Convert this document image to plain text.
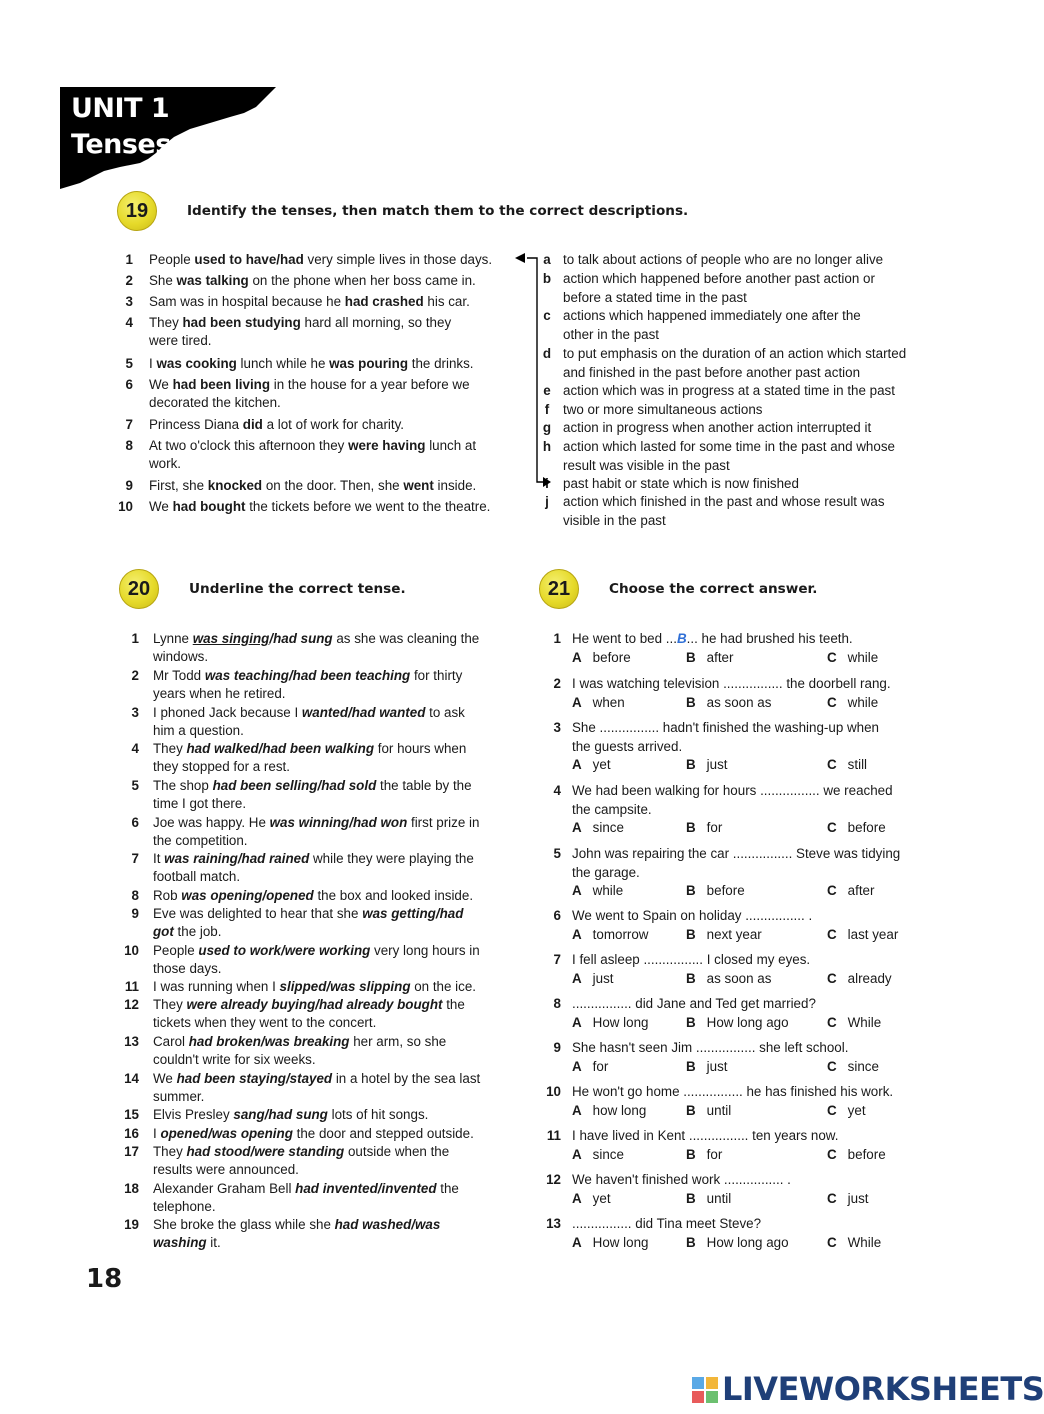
UNIT 1
Tenses
19	Identify the tenses, then match them to the correct descriptions.
1 People used to have/had very simple lives in those days.
2 She was talking on the phone when her boss came in.
3 Sam was in hospital because he had crashed his car.
4 They had been studying hard all morning, so they
were tired.
5 I was cooking lunch while he was pouring the drinks.
6 We had been living in the house for a year before we
decorated the kitchen.
7 Princess Diana did a lot of work for charity.
8 At two o'clock this afternoon they were having lunch at
work.
9 First, she knocked on the door. Then, she went inside.
10 We had bought the tickets before we went to the theatre.
a to talk about actions of people who are no longer alive
b action which happened before another past action or
before a stated time in the past
c actions which happened immediately one after the
other in the past
d to put emphasis on the duration of an action which started
and finished in the past before another past action
e action which was in progress at a stated time in the past
f	two or more simultaneous actions
g action in progress when another action interrupted it
h action which lasted for some time in the past and whose
result was visible in the past
past habit or state which is now finished
j	action which finished in the past and whose result was
visible in the past
20	Underline the correct tense.
1 Lynne was singing/had sung as she was cleaning the
windows.
2 Mr Todd was teaching/had been teaching for thirty
years when he retired.
3 I phoned Jack because I wanted/had wanted to ask
him a question.
4 They had walked/had been walking for hours when
they stopped for a rest.
5 The shop had been selling/had sold the table by the
time I got there.
6 Joe was happy. He was winning/had won first prize in
the competition.
7 It was raining/had rained while they were playing the
football match.
8 Rob was opening/opened the box and looked inside.
9 Eve was delighted to hear that she was getting/had
got the job.
10 People used to work/were working very long hours in
those days.
11 I was running when I slipped/was slipping on the ice.
12 They were already buying/had already bought the
tickets when they went to the concert.
13 Carol had broken/was breaking her arm, so she
couldn't write for six weeks.
14 We had been staying/stayed in a hotel by the sea last
summer.
15 Elvis Presley sang/had sung lots of hit songs.
16 I opened/was opening the door and stepped outside.
17 They had stood/were standing outside when the
results were announced.
18 Alexander Graham Bell had invented/invented the
telephone.
19 She broke the glass while she had washed/was
washing it.
21	Choose the correct answer.
1 He went to bed ...B... he had brushed his teeth.
A before	B after	C while
2 I was watching television ................ the doorbell rang.
A when	B as soon as	C while
3 She ................ hadn't finished the washing-up when
the guests arrived.
A yet	B just	C still
4 We had been walking for hours ................ we reached
the campsite.
A since	B for	C before
5 John was repairing the car ................ Steve was tidying
the garage.
A while	B before	C after
6 We went to Spain on holiday ................ .
A tomorrow	B next year	C last year
7 I fell asleep ................ I closed my eyes.
A just	B as soon as	C already
8 ................ did Jane and Ted get married?
A How long	B How long ago	C While
9 She hasn't seen Jim ................ she left school.
A for	B just	C since
10 He won't go home ................ he has finished his work.
A how long	B until	C yet
11 I have lived in Kent ................ ten years now.
A since	B for	C before
12 We haven't finished work ................ .
A yet	B until	C just
13 ................ did Tina meet Steve?
A How long	B How long ago	C While
18
LIVEWORKSHEETS
